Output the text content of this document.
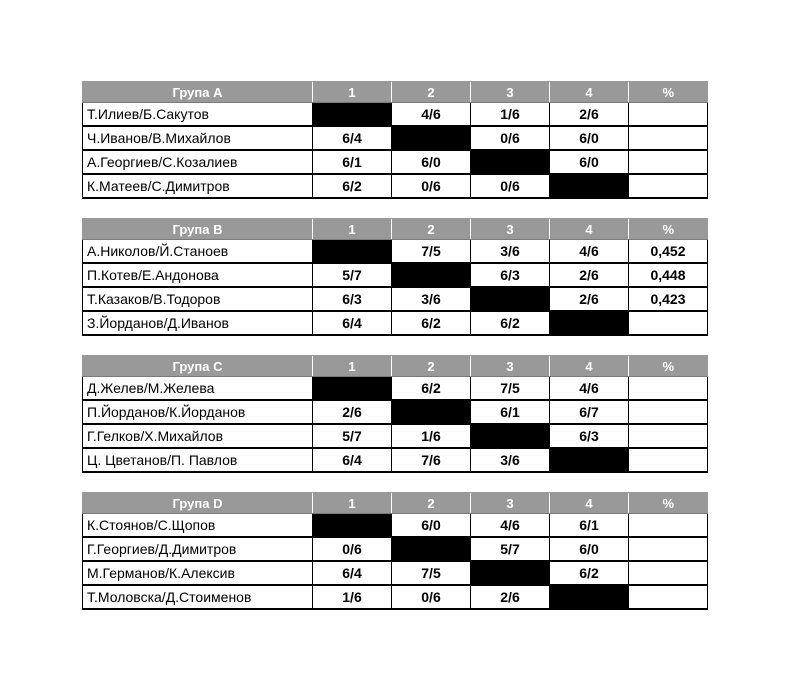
Група А	1	2	3	4	%
Т.Илиев/Б.Сакутов		4/6	1/6	2/6	
Ч.Иванов/В.Михайлов	6/4		0/6	6/0	
А.Георгиев/С.Козалиев	6/1	6/0		6/0	
К.Матеев/С.Димитров	6/2	0/6	0/6		
Група В	1	2	3	4	%
А.Николов/Й.Станоев		7/5	3/6	4/6	0,452
П.Котев/Е.Андонова	5/7		6/3	2/6	0,448
Т.Казаков/В.Тодоров	6/3	3/6		2/6	0,423
З.Йорданов/Д.Иванов	6/4	6/2	6/2		
Група С	1	2	3	4	%
Д.Желев/М.Желева		6/2	7/5	4/6	
П.Йорданов/К.Йорданов	2/6		6/1	6/7	
Г.Гелков/Х.Михайлов	5/7	1/6		6/3	
Ц. Цветанов/П. Павлов	6/4	7/6	3/6		
Група D	1	2	3	4	%
К.Стоянов/С.Щопов		6/0	4/6	6/1	
Г.Георгиев/Д.Димитров	0/6		5/7	6/0	
М.Германов/К.Алексив	6/4	7/5		6/2	
Т.Моловска/Д.Стоименов	1/6	0/6	2/6		
